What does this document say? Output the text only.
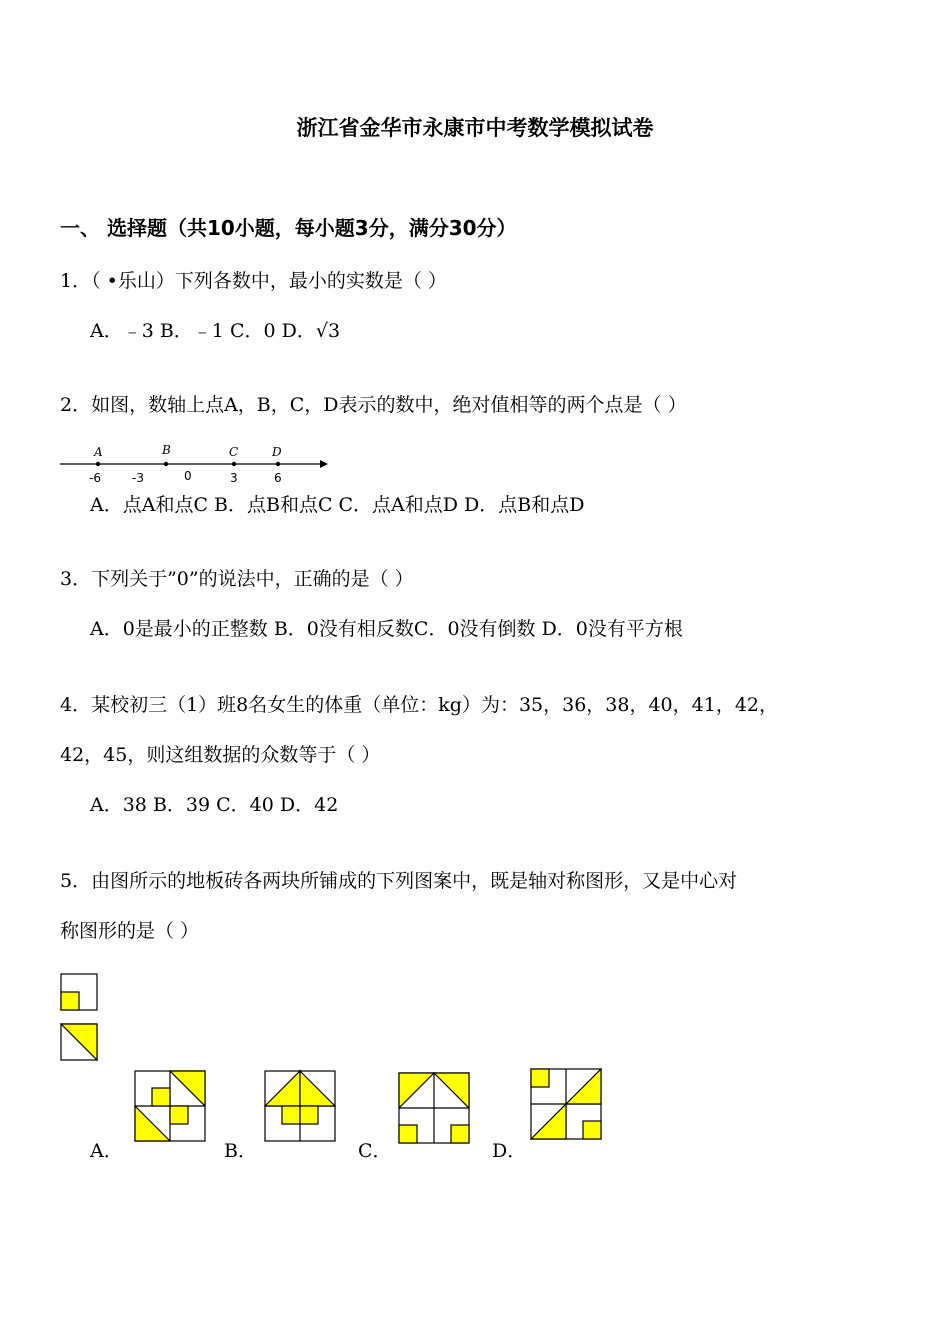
浙江省金华市永康市中考数学模拟试卷
一、 选择题（共10小题，每小题3分，满分30分）
1．（ •乐山）下列各数中，最小的实数是（ ）
A．﹣3 B．﹣1 C．0 D．√3
2．如图，数轴上点A，B，C，D表示的数中，绝对值相等的两个点是（ ）
A	B	C	D
-6	-3	0	3	6
A．点A和点C B．点B和点C C．点A和点D D．点B和点D
3．下列关于”0”的说法中，正确的是（ ）
A．0是最小的正整数 B．0没有相反数C．0没有倒数 D．0没有平方根
4．某校初三（1）班8名女生的体重（单位：kg）为：35，36，38，40，41，42，
42，45，则这组数据的众数等于（ ）
A．38 B．39 C．40 D．42
5．由图所示的地板砖各两块所铺成的下列图案中，既是轴对称图形，又是中心对
称图形的是（ ）
A．	B．	C．	D．
